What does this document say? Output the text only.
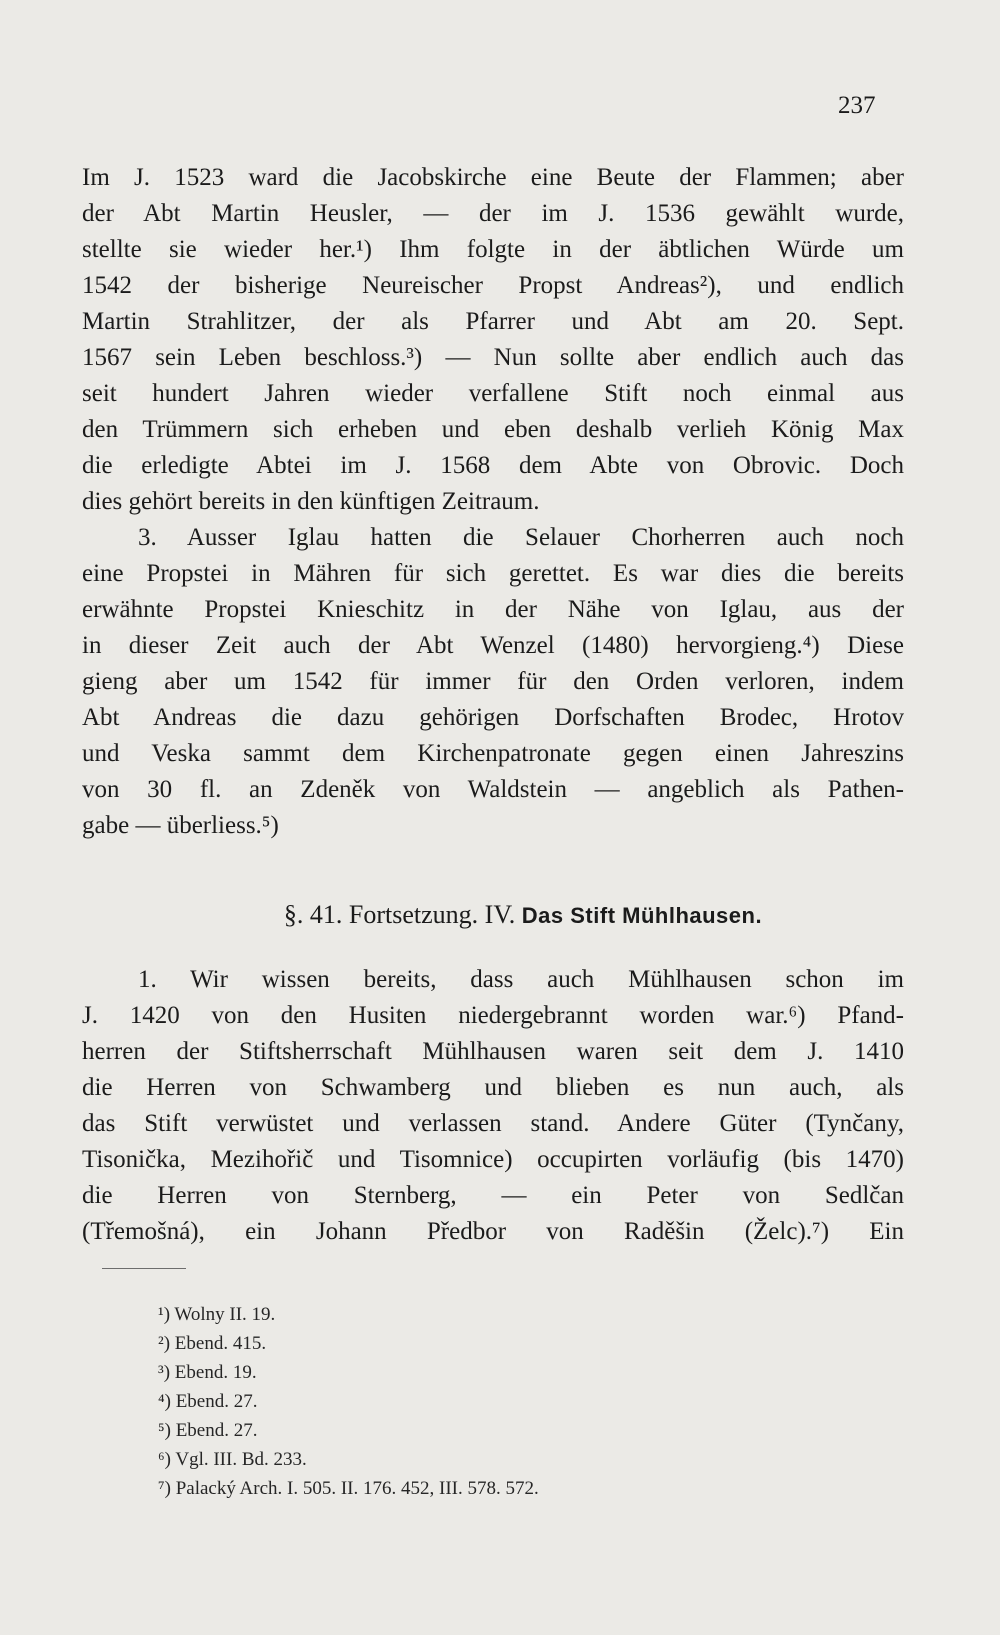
237
Im J. 1523 ward die Jacobskirche eine Beute der Flammen; aber
der Abt Martin Heusler, — der im J. 1536 gewählt wurde,
stellte sie wieder her.¹) Ihm folgte in der äbtlichen Würde um
1542 der bisherige Neureischer Propst Andreas²), und endlich
Martin Strahlitzer, der als Pfarrer und Abt am 20. Sept.
1567 sein Leben beschloss.³) — Nun sollte aber endlich auch das
seit hundert Jahren wieder verfallene Stift noch einmal aus
den Trümmern sich erheben und eben deshalb verlieh König Max
die erledigte Abtei im J. 1568 dem Abte von Obrovic. Doch
dies gehört bereits in den künftigen Zeitraum.
3. Ausser Iglau hatten die Selauer Chorherren auch noch
eine Propstei in Mähren für sich gerettet. Es war dies die bereits
erwähnte Propstei Knieschitz in der Nähe von Iglau, aus der
in dieser Zeit auch der Abt Wenzel (1480) hervorgieng.⁴) Diese
gieng aber um 1542 für immer für den Orden verloren, indem
Abt Andreas die dazu gehörigen Dorfschaften Brodec, Hrotov
und Veska sammt dem Kirchenpatronate gegen einen Jahreszins
von 30 fl. an Zdeněk von Waldstein — angeblich als Pathen-
gabe — überliess.⁵)
§. 41. Fortsetzung. IV. Das Stift Mühlhausen.
1. Wir wissen bereits, dass auch Mühlhausen schon im
J. 1420 von den Husiten niedergebrannt worden war.⁶) Pfand-
herren der Stiftsherrschaft Mühlhausen waren seit dem J. 1410
die Herren von Schwamberg und blieben es nun auch, als
das Stift verwüstet und verlassen stand. Andere Güter (Tynčany,
Tisonička, Mezihořič und Tisomnice) occupirten vorläufig (bis 1470)
die Herren von Sternberg, — ein Peter von Sedlčan
(Třemošná), ein Johann Předbor von Raděšin (Želc).⁷) Ein
¹) Wolny II. 19.
²) Ebend. 415.
³) Ebend. 19.
⁴) Ebend. 27.
⁵) Ebend. 27.
⁶) Vgl. III. Bd. 233.
⁷) Palacký Arch. I. 505. II. 176. 452, III. 578. 572.
